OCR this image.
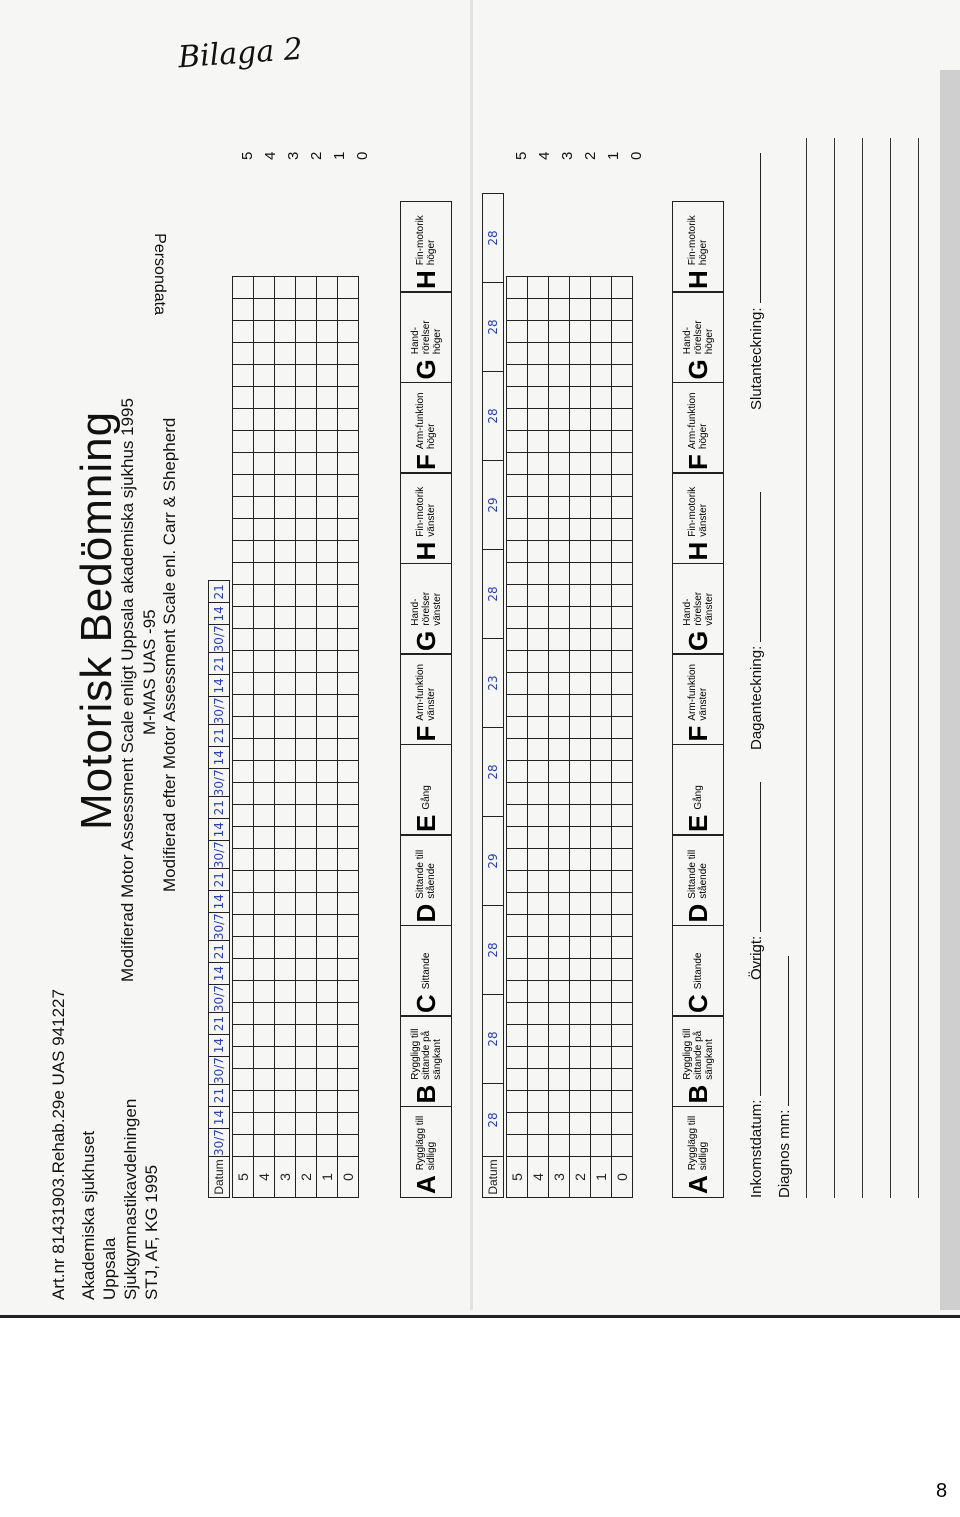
Bilaga 2
Art.nr 81431903.Rehab.29e UAS 941227 Akademiska sjukhuset Uppsala Sjukgymnastikavdelningen STJ, AF, KG 1995
Motorisk Bedömning
Modifierad Motor Assessment Scale enligt Uppsala akademiska sjukhus 1995 M-MAS UAS -95 Modifierad efter Motor Assessment Scale enl. Carr & Shepherd
Persondata
Datum	30/7	14	21	30/7	14	21	30/7	14	21	30/7	14	21	30/7	14	21	30/7	14	21	30/7	14	21	30/7	14	21
5																																								
4																																								
3																																								
2																																								
1																																								
0																																								
5 4 3 2 1 0
A
Rygglägg till sidligg
B
Ryggligg till sittande på sängkant
C
Sittande
D
Sittande till stående
E
Gång
F
Arm-funktion vänster
G
Hand-rörelser vänster
H
Fin-motorik vänster
F
Arm-funktion höger
G
Hand-rörelser höger
H
Fin-motorik höger
Datum	28	28	28	29	28	23	28	29	28	28	28
5																																								
4																																								
3																																								
2																																								
1																																								
0																																								
5 4 3 2 1 0
A
Rygglägg till sidligg
B
Ryggligg till sittande på sängkant
C
Sittande
D
Sittande till stående
E
Gång
F
Arm-funktion vänster
G
Hand-rörelser vänster
H
Fin-motorik vänster
F
Arm-funktion höger
G
Hand-rörelser höger
H
Fin-motorik höger
Inkomstdatum: Diagnos mm:
Övrigt:
Daganteckning:
Slutanteckning:
8
